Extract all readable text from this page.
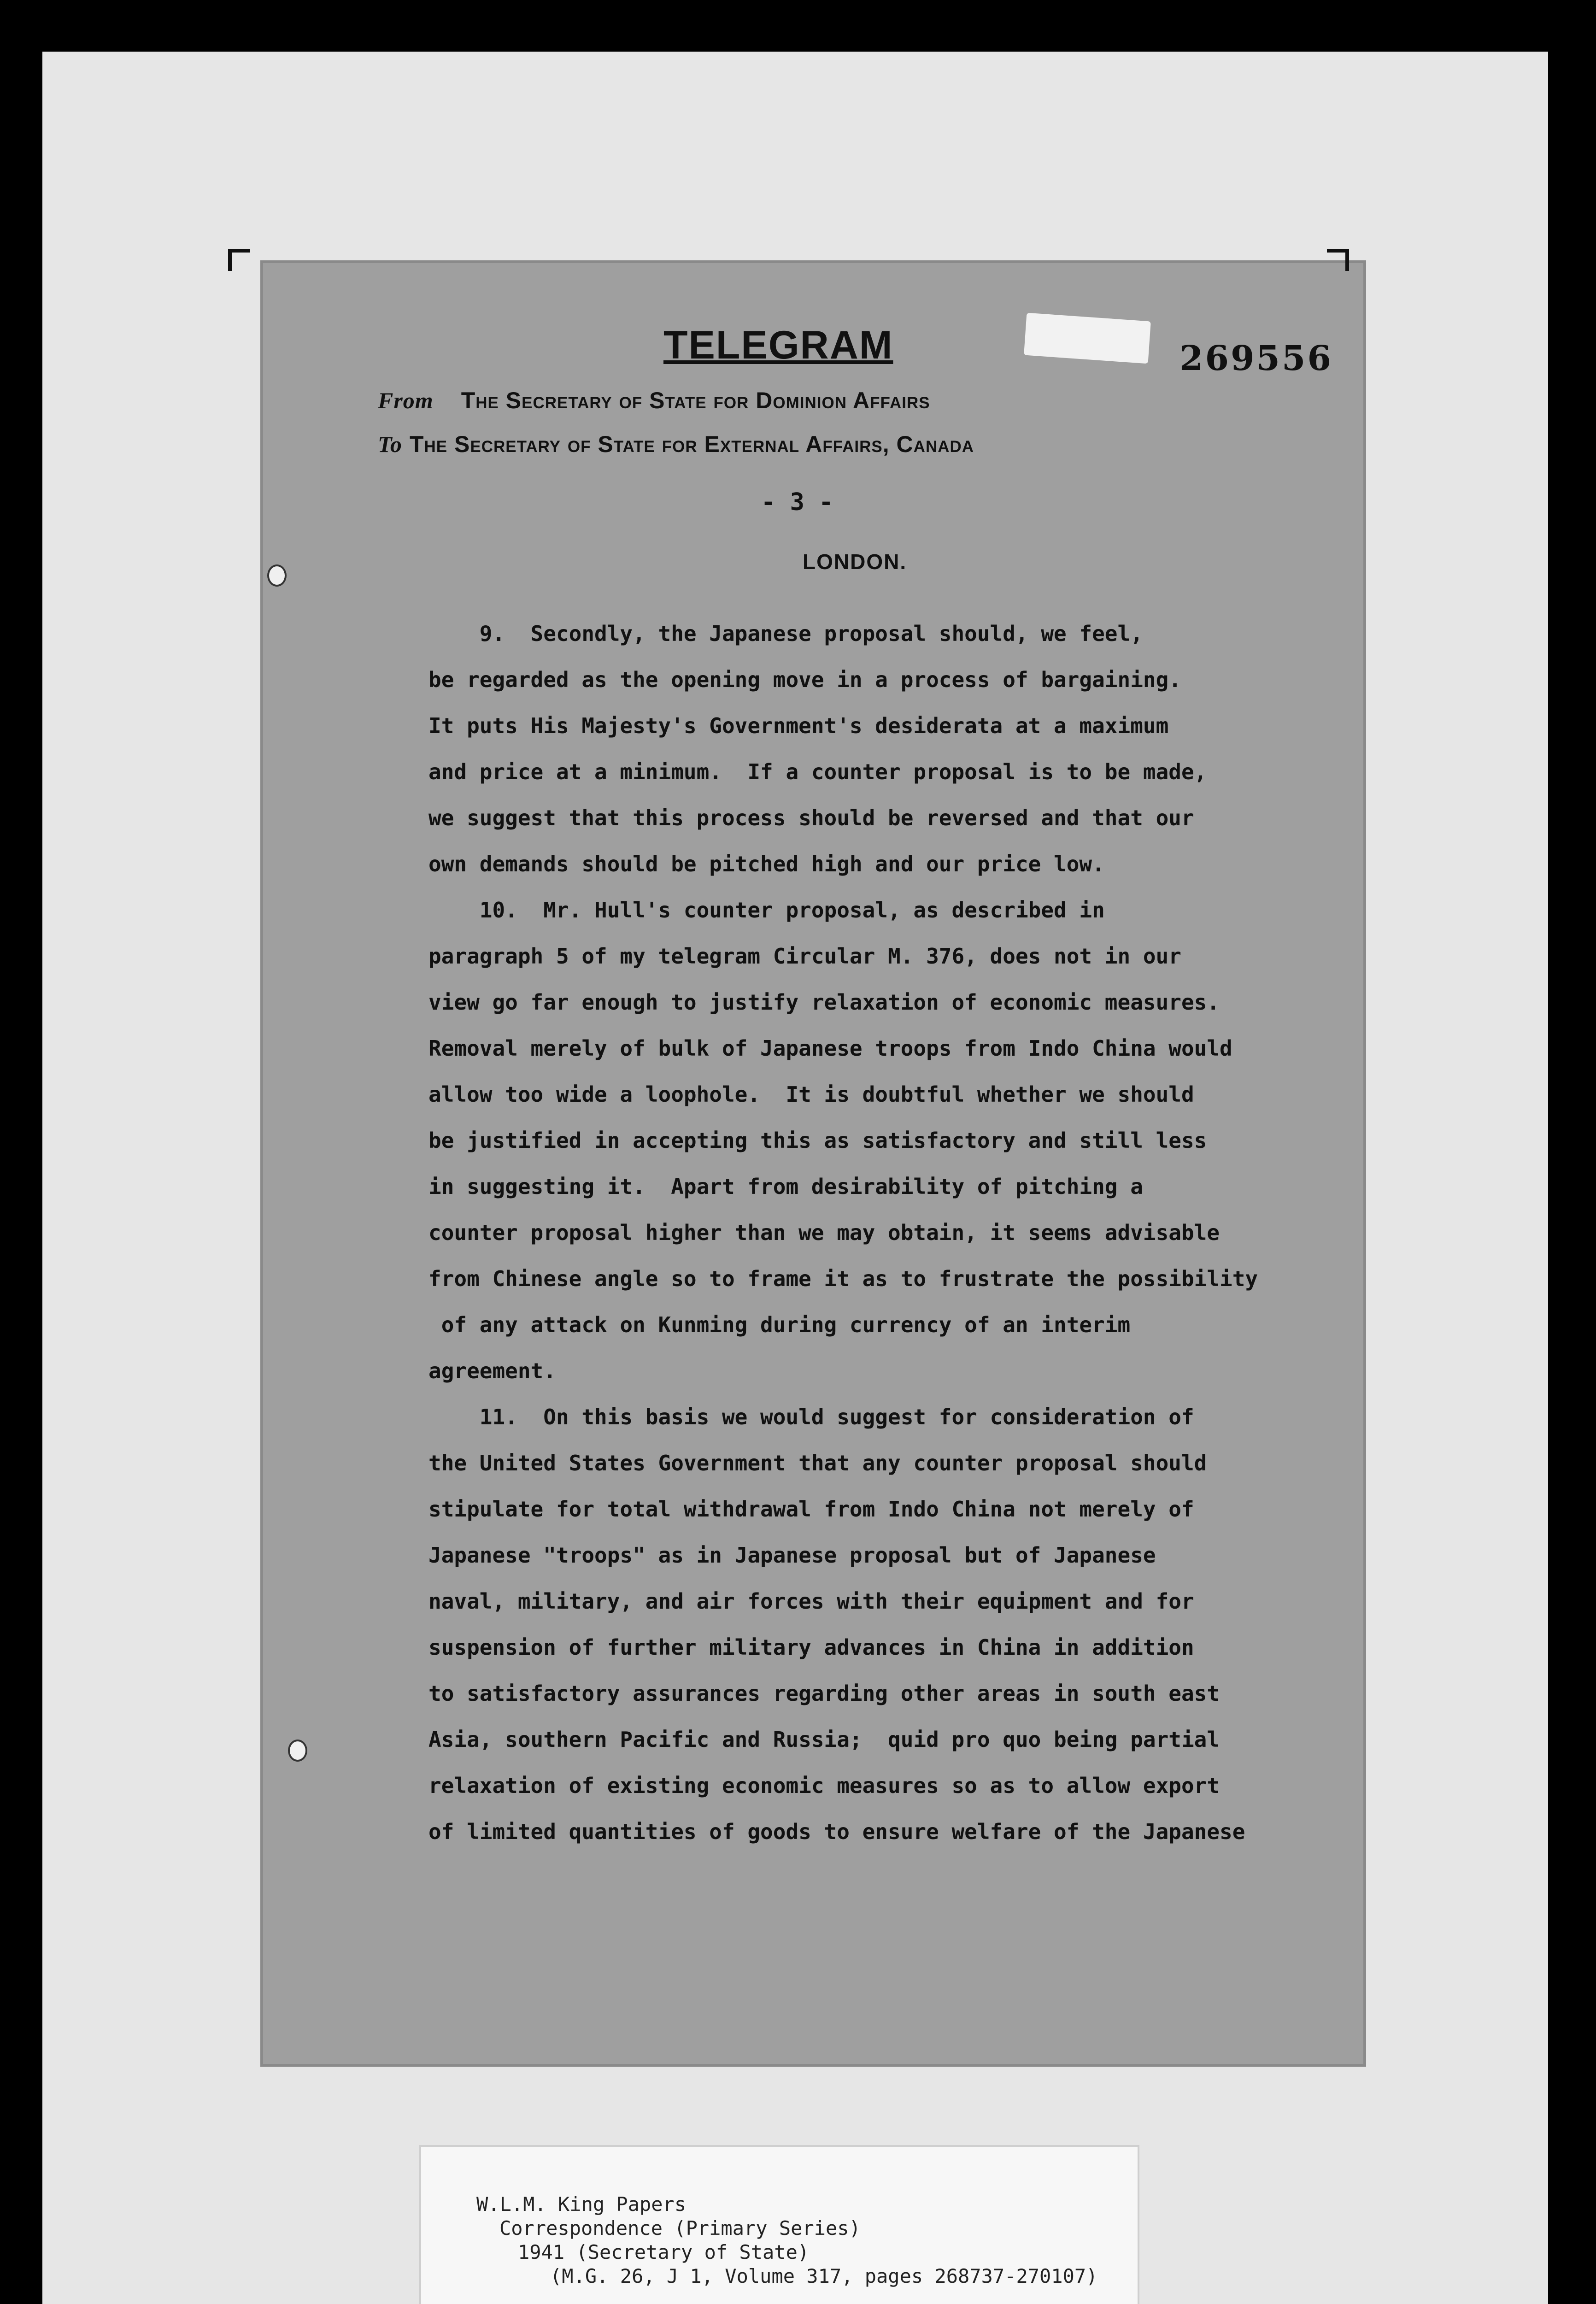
TELEGRAM	269556
From The Secretary of State for Dominion Affairs
To The Secretary of State for External Affairs, Canada
- 3 -
LONDON.
9.  Secondly, the Japanese proposal should, we feel,
be regarded as the opening move in a process of bargaining.
It puts His Majesty's Government's desiderata at a maximum
and price at a minimum.  If a counter proposal is to be made,
we suggest that this process should be reversed and that our
own demands should be pitched high and our price low.
10.  Mr. Hull's counter proposal, as described in
paragraph 5 of my telegram Circular M. 376, does not in our
view go far enough to justify relaxation of economic measures.
Removal merely of bulk of Japanese troops from Indo China would
allow too wide a loophole.  It is doubtful whether we should
be justified in accepting this as satisfactory and still less
in suggesting it.  Apart from desirability of pitching a
counter proposal higher than we may obtain, it seems advisable
from Chinese angle so to frame it as to frustrate the possibility
of any attack on Kunming during currency of an interim
agreement.
11.  On this basis we would suggest for consideration of
the United States Government that any counter proposal should
stipulate for total withdrawal from Indo China not merely of
Japanese "troops" as in Japanese proposal but of Japanese
naval, military, and air forces with their equipment and for
suspension of further military advances in China in addition
to satisfactory assurances regarding other areas in south east
Asia, southern Pacific and Russia;  quid pro quo being partial
relaxation of existing economic measures so as to allow export
of limited quantities of goods to ensure welfare of the Japanese
W.L.M. King Papers
Correspondence (Primary Series)
1941 (Secretary of State)
(M.G. 26, J 1, Volume 317, pages 268737-270107)
